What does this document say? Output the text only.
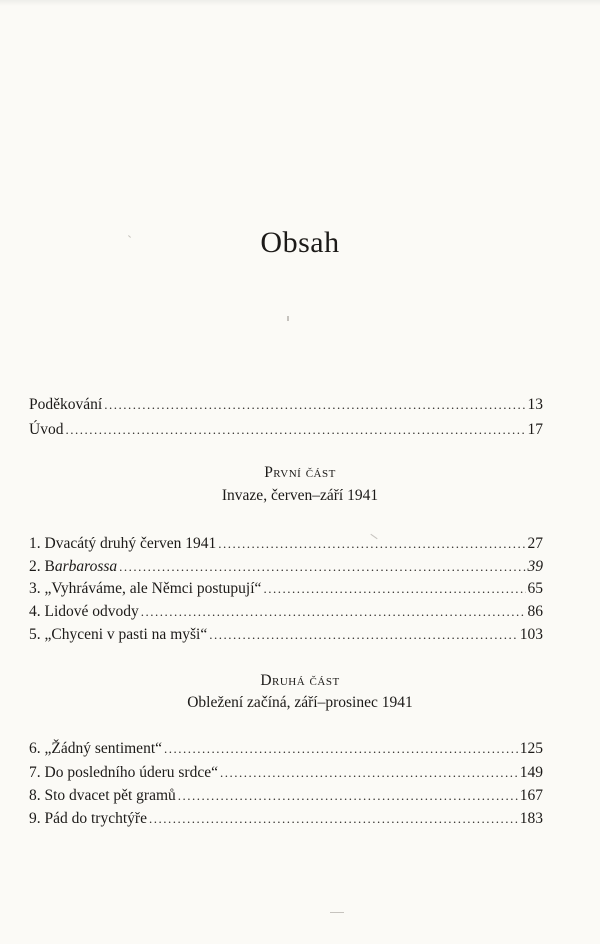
Obsah
Poděkování .....	13
Úvod .....	17
První část
Invaze, červen–září 1941
1. Dvacátý druhý červen 1941 .....	27
2. Barbarossa .....	39
3. „Vyhráváme, ale Němci postupují“ .....	65
4. Lidové odvody .....	86
5. „Chyceni v pasti na myši“ .....	103
Druhá část
Obležení začíná, září–prosinec 1941
6. „Žádný sentiment“ .....	125
7. Do posledního úderu srdce“ .....	149
8. Sto dvacet pět gramů .....	167
9. Pád do trychtýře .....	183
